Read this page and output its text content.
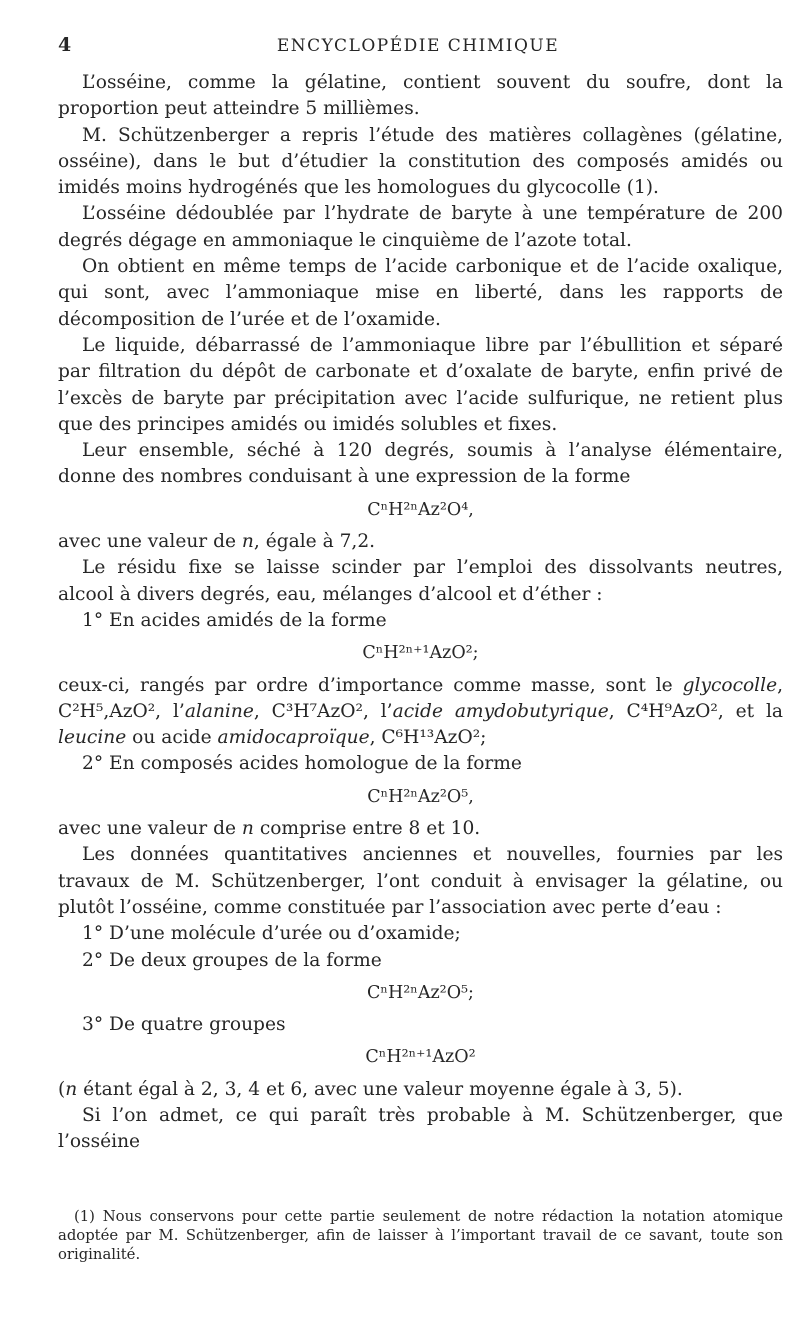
4	ENCYCLOPÉDIE CHIMIQUE

L’osséine, comme la gélatine, contient souvent du soufre, dont la proportion peut atteindre 5 millièmes.

M. Schützenberger a repris l’étude des matières collagènes (gélatine, osséine), dans le but d’étudier la constitution des composés amidés ou imidés moins hydrogénés que les homologues du glycocolle (1).

L’osséine dédoublée par l’hydrate de baryte à une température de 200 degrés dégage en ammoniaque le cinquième de l’azote total.

On obtient en même temps de l’acide carbonique et de l’acide oxalique, qui sont, avec l’ammoniaque mise en liberté, dans les rapports de décomposition de l’urée et de l’oxamide.

Le liquide, débarrassé de l’ammoniaque libre par l’ébullition et séparé par filtration du dépôt de carbonate et d’oxalate de baryte, enfin privé de l’excès de baryte par précipitation avec l’acide sulfurique, ne retient plus que des principes amidés ou imidés solubles et fixes.

Leur ensemble, séché à 120 degrés, soumis à l’analyse élémentaire, donne des nombres conduisant à une expression de la forme

CⁿH²ⁿAz²O⁴,

avec une valeur de n, égale à 7,2.

Le résidu fixe se laisse scinder par l’emploi des dissolvants neutres, alcool à divers degrés, eau, mélanges d’alcool et d’éther :

1° En acides amidés de la forme
CⁿH²ⁿ⁺¹AzO²;

ceux-ci, rangés par ordre d’importance comme masse, sont le glycocolle, C²H⁵,AzO², l’alanine, C³H⁷AzO², l’acide amydobutyrique, C⁴H⁹AzO², et la leucine ou acide amidocaproïque, C⁶H¹³AzO²;

2° En composés acides homologue de la forme
CⁿH²ⁿAz²O⁵,

avec une valeur de n comprise entre 8 et 10.

Les données quantitatives anciennes et nouvelles, fournies par les travaux de M. Schützenberger, l’ont conduit à envisager la gélatine, ou plutôt l’osséine, comme constituée par l’association avec perte d’eau :

1° D’une molécule d’urée ou d’oxamide;
2° De deux groupes de la forme
CⁿH²ⁿAz²O⁵;
3° De quatre groupes
CⁿH²ⁿ⁺¹AzO²

(n étant égal à 2, 3, 4 et 6, avec une valeur moyenne égale à 3, 5).

Si l’on admet, ce qui paraît très probable à M. Schützenberger, que l’osséine

(1) Nous conservons pour cette partie seulement de notre rédaction la notation atomique adoptée par M. Schützenberger, afin de laisser à l’important travail de ce savant, toute son originalité.
